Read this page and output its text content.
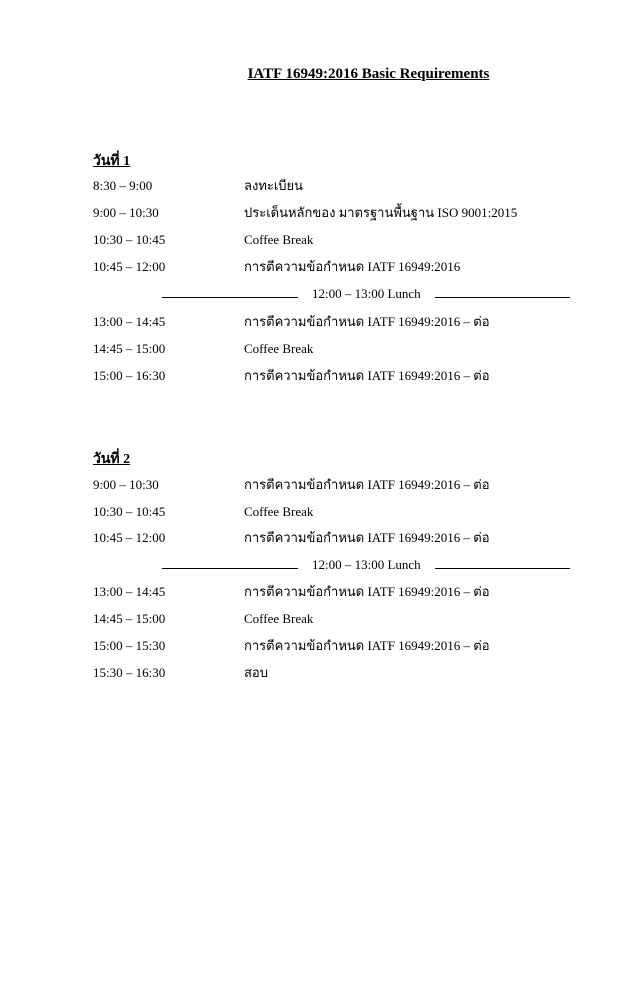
IATF 16949:2016 Basic Requirements
วันที่ 1
8:30 – 9:00	ลงทะเบียน
9:00 – 10:30	ประเด็นหลักของ มาตรฐานพื้นฐาน ISO 9001:2015
10:30 – 10:45	Coffee Break
10:45 – 12:00	การตีความข้อกำหนด IATF 16949:2016
12:00 – 13:00 Lunch
13:00 – 14:45	การตีความข้อกำหนด IATF 16949:2016 – ต่อ
14:45 – 15:00	Coffee Break
15:00 – 16:30	การตีความข้อกำหนด IATF 16949:2016 – ต่อ
วันที่ 2
9:00 – 10:30	การตีความข้อกำหนด IATF 16949:2016 – ต่อ
10:30 – 10:45	Coffee Break
10:45 – 12:00	การตีความข้อกำหนด IATF 16949:2016 – ต่อ
12:00 – 13:00 Lunch
13:00 – 14:45	การตีความข้อกำหนด IATF 16949:2016 – ต่อ
14:45 – 15:00	Coffee Break
15:00 – 15:30	การตีความข้อกำหนด IATF 16949:2016 – ต่อ
15:30 – 16:30	สอบ
